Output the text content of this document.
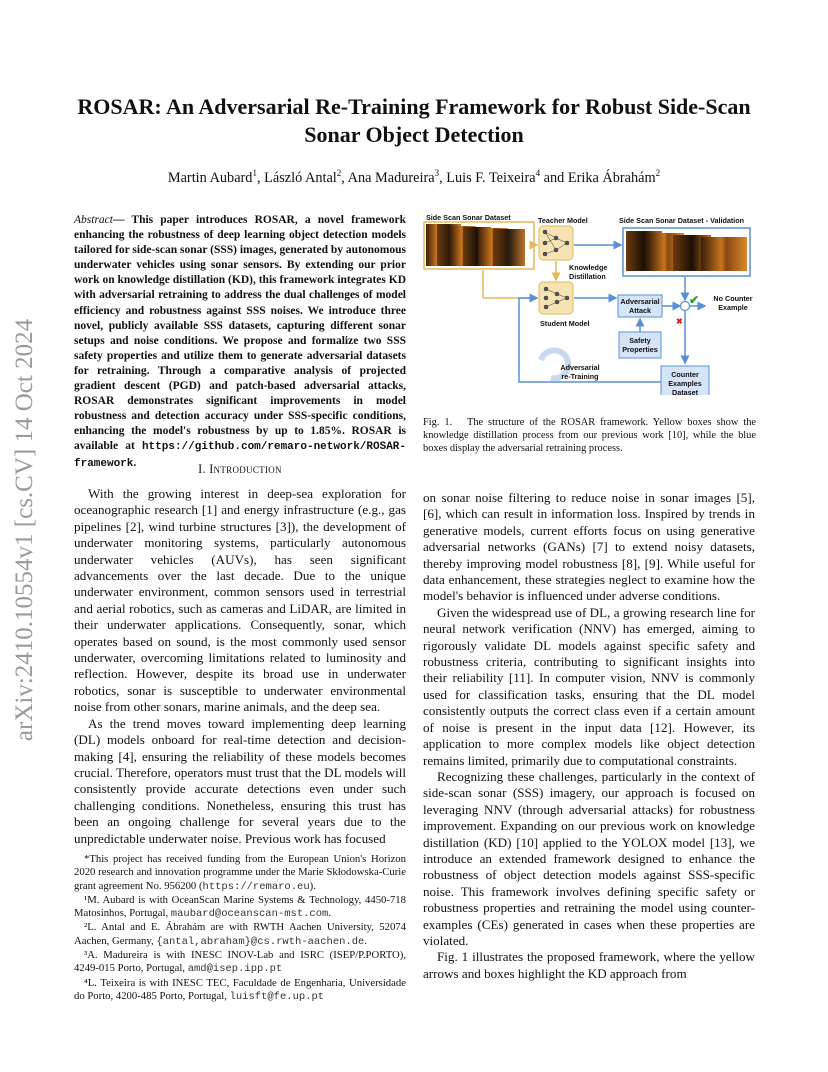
arXiv:2410.10554v1 [cs.CV] 14 Oct 2024
ROSAR: An Adversarial Re-Training Framework for Robust Side-Scan
Sonar Object Detection
Martin Aubard$^1$, László Antal$^2$, Ana Madureira$^3$, Luis F. Teixeira$^4$ and Erika Ábrahám$^2$
Abstract— This paper introduces ROSAR, a novel framework enhancing the robustness of deep learning object detection models tailored for side-scan sonar (SSS) images, generated by autonomous underwater vehicles using sonar sensors. By extending our prior work on knowledge distillation (KD), this framework integrates KD with adversarial retraining to address the dual challenges of model efficiency and robustness against SSS noises. We introduce three novel, publicly available SSS datasets, capturing different sonar setups and noise conditions. We propose and formalize two SSS safety properties and utilize them to generate adversarial datasets for retraining. Through a comparative analysis of projected gradient descent (PGD) and patch-based adversarial attacks, ROSAR demonstrates significant improvements in model robustness and detection accuracy under SSS-specific conditions, enhancing the model's robustness by up to 1.85%. ROSAR is available at https://github.com/remaro-network/ROSAR-framework.	I. Introduction

With the growing interest in deep-sea exploration for oceanographic research [1] and energy infrastructure (e.g., gas pipelines [2], wind turbine structures [3]), the development of underwater monitoring systems, particularly autonomous underwater vehicles (AUVs), has seen significant advancements over the last decade. Due to the unique underwater environment, common sensors used in terrestrial and aerial robotics, such as cameras and LiDAR, are limited in their underwater applications. Consequently, sonar, which operates based on sound, is the most commonly used sensor underwater, overcoming limitations related to luminosity and reflection. However, despite its broad use in underwater robotics, sonar is susceptible to underwater environmental noise from other sonars, marine animals, and the deep sea.

As the trend moves toward implementing deep learning (DL) models onboard for real-time detection and decision-making [4], ensuring the reliability of these models becomes crucial. Therefore, operators must trust that the DL models will consistently provide accurate detections even under such challenging conditions. Nonetheless, ensuring this trust has been an ongoing challenge for several years due to the unpredictable underwater noise. Previous work has focused

*This project has received funding from the European Union's Horizon 2020 research and innovation programme under the Marie Skłodowska-Curie grant agreement No. 956200 (https://remaro.eu).

¹M. Aubard is with OceanScan Marine Systems & Technology, 4450-718 Matosinhos, Portugal, maubard@oceanscan-mst.com.

²L. Antal and E. Ábrahám are with RWTH Aachen University, 52074 Aachen, Germany, {antal,abraham}@cs.rwth-aachen.de.

³A. Madureira is with INESC INOV-Lab and ISRC (ISEP/P.PORTO), 4249-015 Porto, Portugal, amd@isep.ipp.pt

⁴L. Teixeira is with INESC TEC, Faculdade de Engenharia, Universidade do Porto, 4200-485 Porto, Portugal, luisft@fe.up.pt

Side Scan Sonar Dataset	Teacher Model	Side Scan Sonar Dataset - Validation
Knowledge
Distillation
Student Model
Adversarial
Attack
✔ No Counter
Example
✖
Safety
Properties
Counter
Examples
Dataset
Adversarial
re-Training
Fig. 1. The structure of the ROSAR framework. Yellow boxes show the knowledge distillation process from our previous work [10], while the blue boxes display the adversarial retraining process.

on sonar noise filtering to reduce noise in sonar images [5], [6], which can result in information loss. Inspired by trends in generative models, current efforts focus on using generative adversarial networks (GANs) [7] to extend noisy datasets, thereby improving model robustness [8], [9]. While useful for data enhancement, these strategies neglect to examine how the model's behavior is influenced under adverse conditions.

Given the widespread use of DL, a growing research line for neural network verification (NNV) has emerged, aiming to rigorously validate DL models against specific safety and robustness criteria, contributing to significant insights into their reliability [11]. In computer vision, NNV is commonly used for classification tasks, ensuring that the DL model consistently outputs the correct class even if a certain amount of noise is present in the input data [12]. However, its application to more complex models like object detection remains limited, primarily due to computational constraints.

Recognizing these challenges, particularly in the context of side-scan sonar (SSS) imagery, our approach is focused on leveraging NNV (through adversarial attacks) for robustness improvement. Expanding on our previous work on knowledge distillation (KD) [10] applied to the YOLOX model [13], we introduce an extended framework designed to enhance the robustness of object detection models against SSS-specific noise. This framework involves defining specific safety or robustness properties and retraining the model using counter-examples (CEs) generated in cases when these properties are violated.

Fig. 1 illustrates the proposed framework, where the yellow arrows and boxes highlight the KD approach from
